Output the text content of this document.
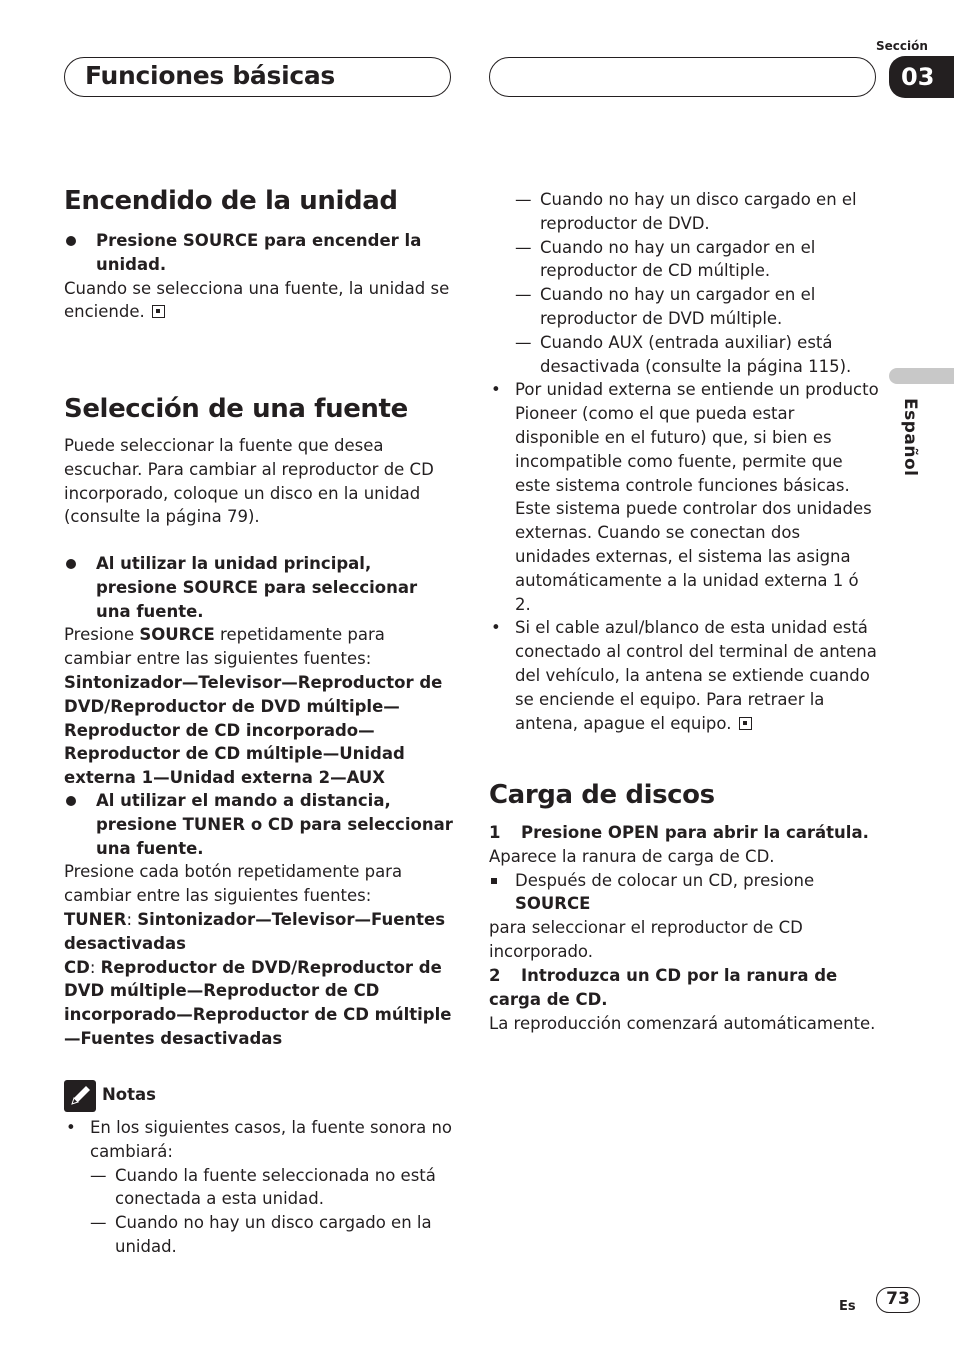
Funciones básicas
Sección
03
Español
Encendido de la unidad
Presione SOURCE para encender la unidad.
Cuando se selecciona una fuente, la unidad se enciende.
Selección de una fuente
Puede seleccionar la fuente que desea escuchar. Para cambiar al reproductor de CD incorporado, coloque un disco en la unidad (consulte la página 79).
Al utilizar la unidad principal, presione SOURCE para seleccionar una fuente.
Presione SOURCE repetidamente para cambiar entre las siguientes fuentes:
Sintonizador—Televisor—Reproductor de DVD/Reproductor de DVD múltiple—Reproductor de CD incorporado—Reproductor de CD múltiple—Unidad externa 1—Unidad externa 2—AUX
Al utilizar el mando a distancia, presione TUNER o CD para seleccionar una fuente.
Presione cada botón repetidamente para cambiar entre las siguientes fuentes:
TUNER: Sintonizador—Televisor—Fuentes desactivadas
CD: Reproductor de DVD/Reproductor de DVD múltiple—Reproductor de CD incorporado—Reproductor de CD múltiple—Fuentes desactivadas
Notas
• En los siguientes casos, la fuente sonora no cambiará:
— Cuando la fuente seleccionada no está conectada a esta unidad.
— Cuando no hay un disco cargado en la unidad.
— Cuando no hay un disco cargado en el reproductor de DVD.
— Cuando no hay un cargador en el reproductor de CD múltiple.
— Cuando no hay un cargador en el reproductor de DVD múltiple.
— Cuando AUX (entrada auxiliar) está desactivada (consulte la página 115).
• Por unidad externa se entiende un producto Pioneer (como el que pueda estar disponible en el futuro) que, si bien es incompatible como fuente, permite que este sistema controle funciones básicas. Este sistema puede controlar dos unidades externas. Cuando se conectan dos unidades externas, el sistema las asigna automáticamente a la unidad externa 1 ó 2.
• Si el cable azul/blanco de esta unidad está conectado al control del terminal de antena del vehículo, la antena se extiende cuando se enciende el equipo. Para retraer la antena, apague el equipo.
Carga de discos
1 Presione OPEN para abrir la carátula.
Aparece la ranura de carga de CD.
Después de colocar un CD, presione SOURCE
para seleccionar el reproductor de CD incorporado.
2 Introduzca un CD por la ranura de carga de CD.
La reproducción comenzará automáticamente.
Es	73
